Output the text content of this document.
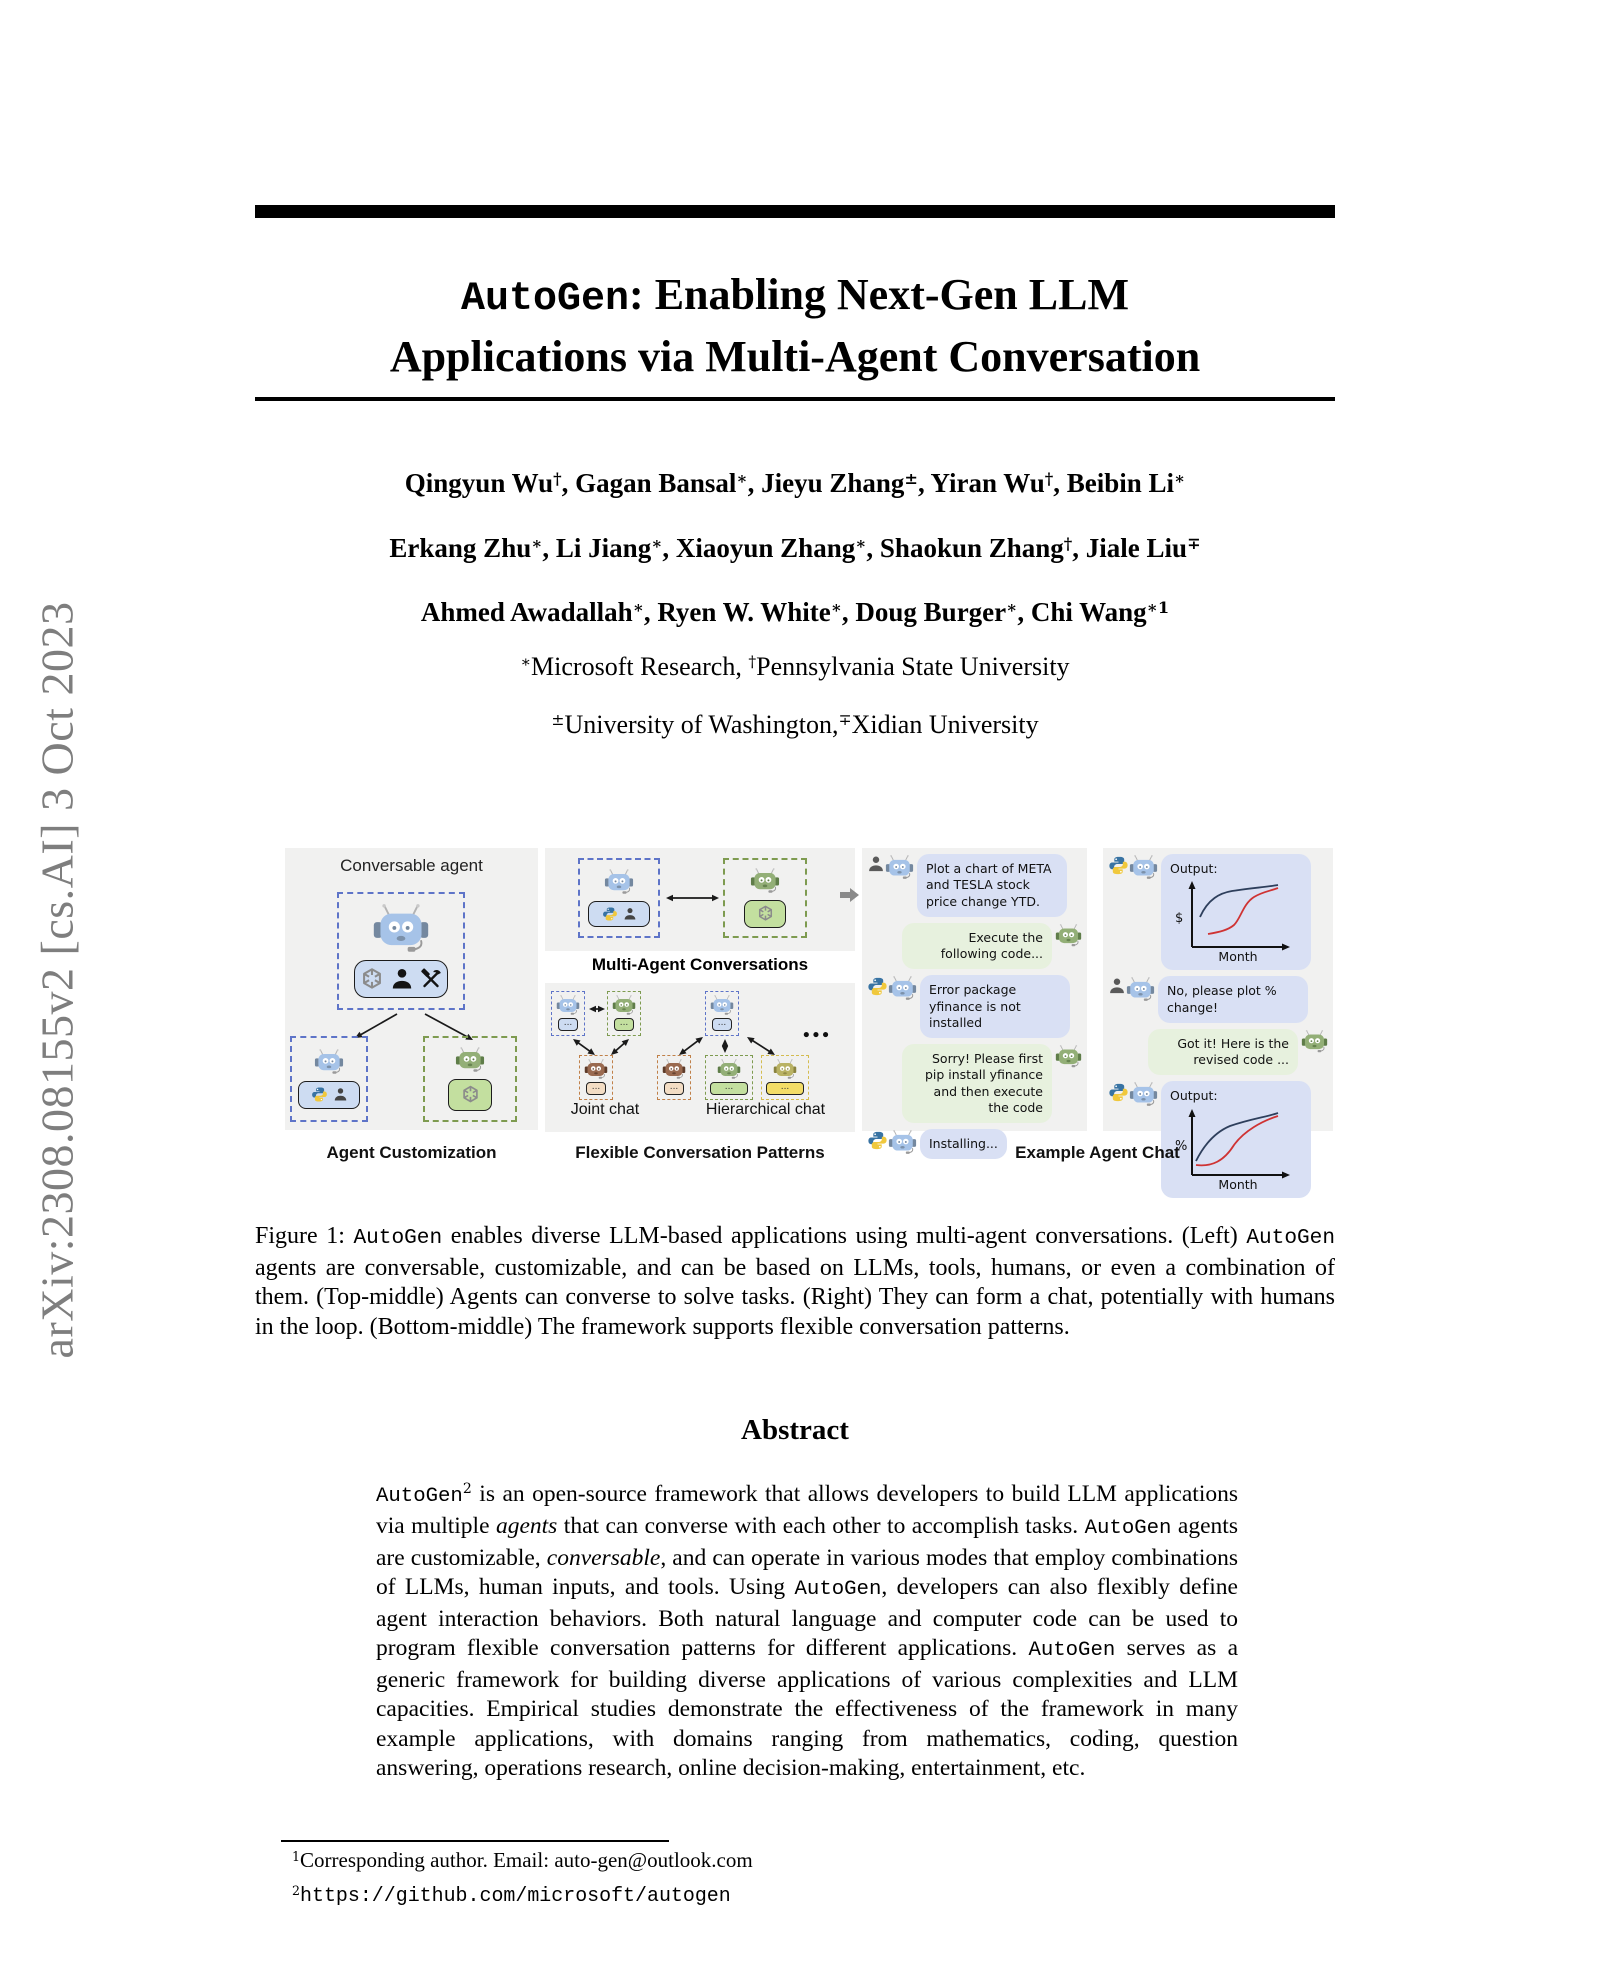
arXiv:2308.08155v2 [cs.AI] 3 Oct 2023
AutoGen: Enabling Next-Gen LLM
Applications via Multi-Agent Conversation
Qingyun Wu†, Gagan Bansal∗, Jieyu Zhang±, Yiran Wu†, Beibin Li∗
Erkang Zhu∗, Li Jiang∗, Xiaoyun Zhang∗, Shaokun Zhang†, Jiale Liu∓
Ahmed Awadallah∗, Ryen W. White∗, Doug Burger∗, Chi Wang$^{∗1}$
∗Microsoft Research, †Pennsylvania State University
±University of Washington,∓Xidian University
Conversable agent
Multi-Agent Conversations
...	...
...
...
...	...	...
Joint chat	Hierarchical chat
•••
Plot a chart of META and TESLA stock price change YTD.
Execute the following code...
Error package yfinance is not installed
Sorry! Please first pip install yfinance and then execute the code
Installing...
Output:
$
Month
No, please plot % change!
Got it! Here is the revised code ...
Output:
%
Month
Agent Customization	Flexible Conversation Patterns	Example Agent Chat

Figure 1: AutoGen enables diverse LLM-based applications using multi-agent conversations. (Left) AutoGen agents are conversable, customizable, and can be based on LLMs, tools, humans, or even a combination of them. (Top-middle) Agents can converse to solve tasks. (Right) They can form a chat, potentially with humans in the loop. (Bottom-middle) The framework supports flexible conversation patterns.

Abstract

AutoGen$^2$ is an open-source framework that allows developers to build LLM applications via multiple agents that can converse with each other to accomplish tasks. AutoGen agents are customizable, conversable, and can operate in various modes that employ combinations of LLMs, human inputs, and tools. Using AutoGen, developers can also flexibly define agent interaction behaviors. Both natural language and computer code can be used to program flexible conversation patterns for different applications. AutoGen serves as a generic framework for building diverse applications of various complexities and LLM capacities. Empirical studies demonstrate the effectiveness of the framework in many example applications, with domains ranging from mathematics, coding, question answering, operations research, online decision-making, entertainment, etc.

$^1$Corresponding author. Email: auto-gen@outlook.com
$^2$https://github.com/microsoft/autogen
